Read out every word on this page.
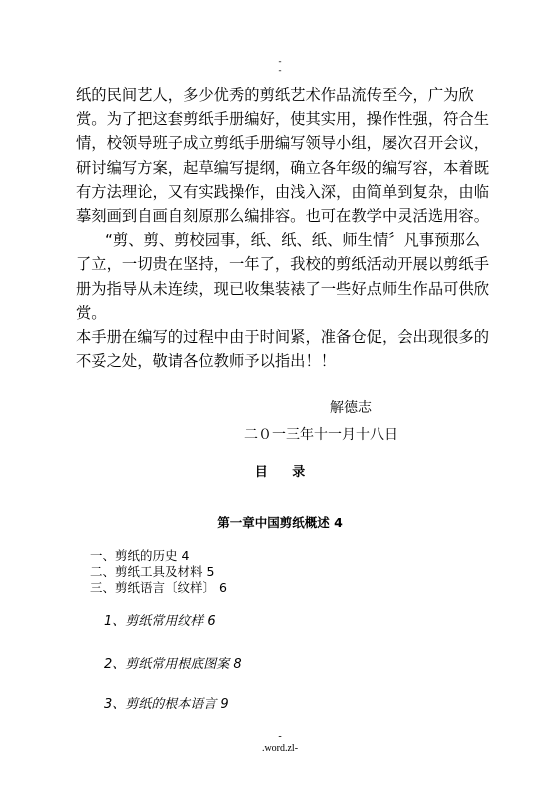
-
-

纸的民间艺人，多少优秀的剪纸艺术作品流传至今，广为欣赏。为了把这套剪纸手册编好，使其实用，操作性强，符合生情，校领导班子成立剪纸手册编写领导小组，屡次召开会议，研讨编写方案，起草编写提纲，确立各年级的编写容，本着既有方法理论，又有实践操作，由浅入深，由简单到复杂，由临摹刻画到自画自刻原那么编排容。也可在教学中灵活选用容。

“剪、剪、剪校园事，纸、纸、纸、师生情〞凡事预那么了立，一切贵在坚持，一年了，我校的剪纸活动开展以剪纸手册为指导从未连续，现已收集装裱了一些好点师生作品可供欣赏。

本手册在编写的过程中由于时间紧，准备仓促，会出现很多的不妥之处，敬请各位教师予以指出！！

解德志
二０一三年十一月十八日
目 录
第一章中国剪纸概述 4
一、剪纸的历史 4
二、剪纸工具及材料 5
三、剪纸语言〔纹样〕 6
1、剪纸常用纹样 6
2、剪纸常用根底图案 8
3、剪纸的根本语言 9
-
.word.zl-
